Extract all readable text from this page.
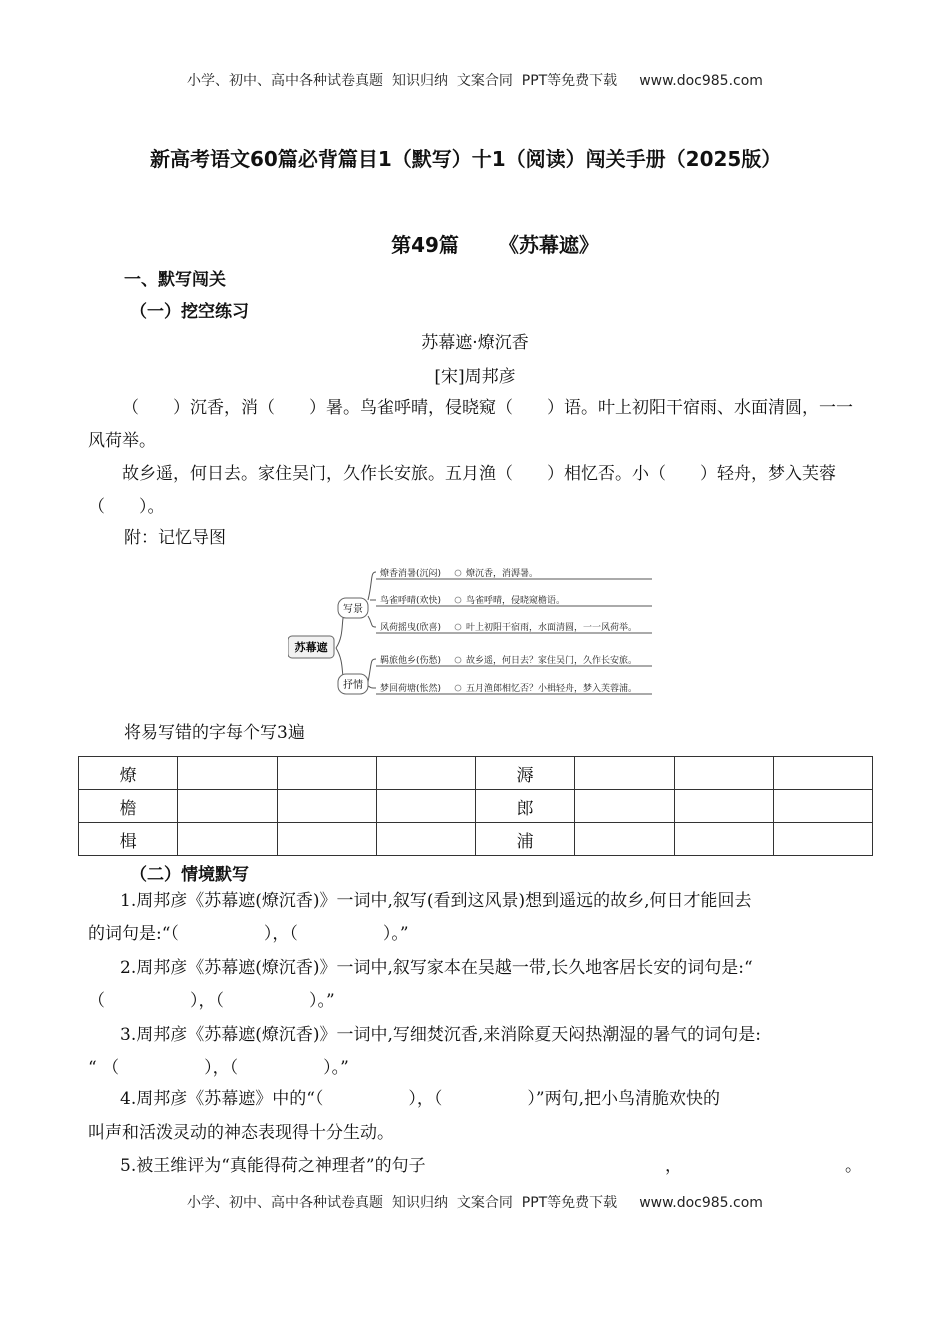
小学、初中、高中各种试卷真题  知识归纳  文案合同  PPT等免费下载 www.doc985.com
新高考语文60篇必背篇目1（默写）十1（阅读）闯关手册（2025版）
第49篇 《苏幕遮》
一、默写闯关
（一）挖空练习
苏幕遮·燎沉香
[宋]周邦彦
（　　）沉香，消（　　）暑。鸟雀呼晴，侵晓窥（　　）语。叶上初阳干宿雨、水面清圆，一一风荷举。
故乡遥，何日去。家住吴门，久作长安旅。五月渔（　　）相忆否。小（　　）轻舟，梦入芙蓉（　　）。
附：记忆导图
苏幕遮
写景
抒情
燎香消暑(沉闷)	燎沉香，消溽暑。
鸟雀呼晴(欢快)	鸟雀呼晴，侵晓窥檐语。
风荷摇曳(欣喜)	叶上初阳干宿雨，水面清圆，一一风荷举。
羁旅他乡(伤愁)	故乡遥，何日去？家住吴门，久作长安旅。
梦回荷塘(怅然)	五月渔郎相忆否？小楫轻舟，梦入芙蓉浦。
将易写错的字每个写3遍
燎				溽			
檐				郎			
楫				浦			
（二）情境默写
1.周邦彦《苏幕遮(燎沉香)》一词中,叙写(看到这风景)想到遥远的故乡,何日才能回去
的词句是:“（　　　　　），（　　　　　）。”
2.周邦彦《苏幕遮(燎沉香)》一词中,叙写家本在吴越一带,长久地客居长安的词句是:“
（　　　　　），（　　　　　）。”
3.周邦彦《苏幕遮(燎沉香)》一词中,写细焚沉香,来消除夏天闷热潮湿的暑气的词句是:
“ （　　　　　），（　　　　　）。”
4.周邦彦《苏幕遮》中的“（　　　　　），（　　　　　）”两句,把小鸟清脆欢快的
叫声和活泼灵动的神态表现得十分生动。
5.被王维评为“真能得荷之神理者”的句子	，	。
小学、初中、高中各种试卷真题  知识归纳  文案合同  PPT等免费下载 www.doc985.com
